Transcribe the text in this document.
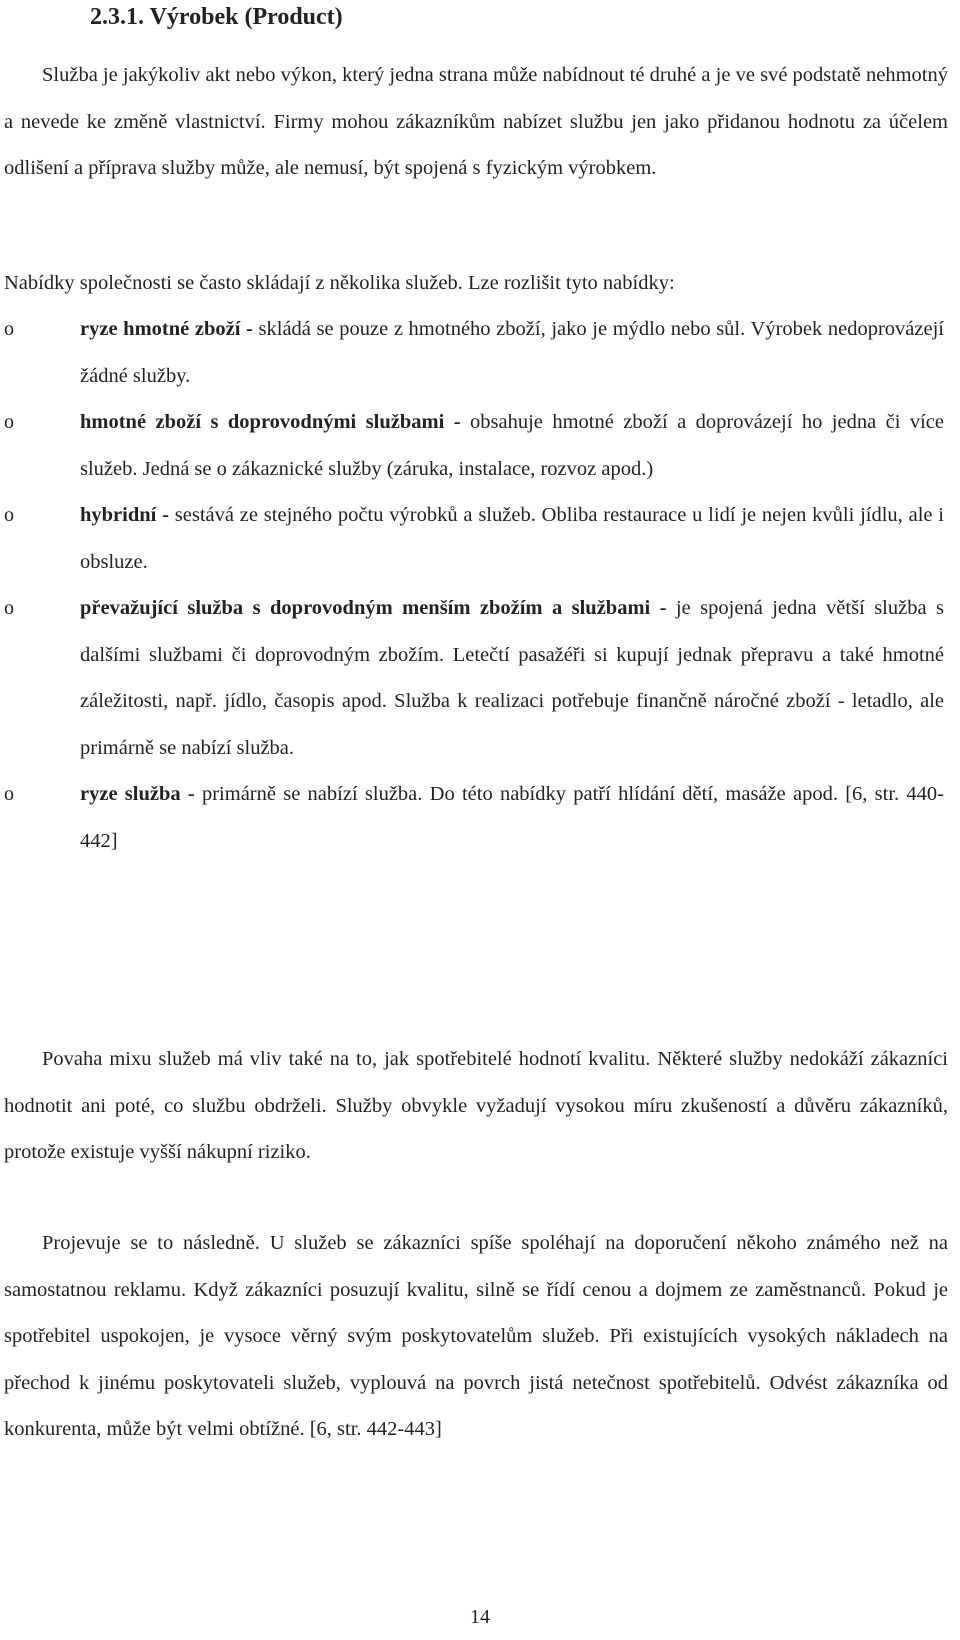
2.3.1. Výrobek (Product)

Služba je jakýkoliv akt nebo výkon, který jedna strana může nabídnout té druhé a je ve své podstatě nehmotný a nevede ke změně vlastnictví. Firmy mohou zákazníkům nabízet službu jen jako přidanou hodnotu za účelem odlišení a příprava služby může, ale nemusí, být spojená s fyzickým výrobkem.

Nabídky společnosti se často skládají z několika služeb. Lze rozlišit tyto nabídky:

o	ryze hmotné zboží - skládá se pouze z hmotného zboží, jako je mýdlo nebo sůl. Výrobek nedoprovázejí žádné služby.
o	hmotné zboží s doprovodnými službami - obsahuje hmotné zboží a doprovázejí ho jedna či více služeb. Jedná se o zákaznické služby (záruka, instalace, rozvoz apod.)
o	hybridní - sestává ze stejného počtu výrobků a služeb. Obliba restaurace u lidí je nejen kvůli jídlu, ale i obsluze.
o	převažující služba s doprovodným menším zbožím a službami - je spojená jedna větší služba s dalšími službami či doprovodným zbožím. Letečtí pasažéři si kupují jednak přepravu a také hmotné záležitosti, např. jídlo, časopis apod. Služba k realizaci potřebuje finančně náročné zboží - letadlo, ale primárně se nabízí služba.
o	ryze služba - primárně se nabízí služba. Do této nabídky patří hlídání dětí, masáže apod. [6, str. 440-442]

Povaha mixu služeb má vliv také na to, jak spotřebitelé hodnotí kvalitu. Některé služby nedokáží zákazníci hodnotit ani poté, co službu obdrželi. Služby obvykle vyžadují vysokou míru zkušeností a důvěru zákazníků, protože existuje vyšší nákupní riziko.

Projevuje se to následně. U služeb se zákazníci spíše spoléhají na doporučení někoho známého než na samostatnou reklamu. Když zákazníci posuzují kvalitu, silně se řídí cenou a dojmem ze zaměstnanců. Pokud je spotřebitel uspokojen, je vysoce věrný svým poskytovatelům služeb. Při existujících vysokých nákladech na přechod k jinému poskytovateli služeb, vyplouvá na povrch jistá netečnost spotřebitelů. Odvést zákazníka od konkurenta, může být velmi obtížné. [6, str. 442-443]

14
